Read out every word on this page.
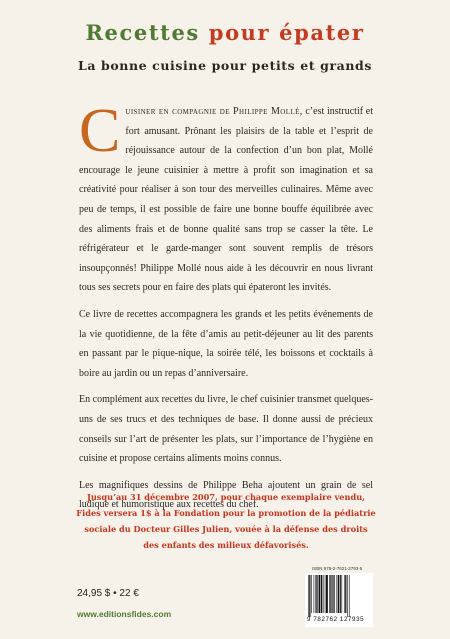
Recettes pour épater
La bonne cuisine pour petits et grands

Cuisiner en compagnie de Philippe Mollé, c’est instructif et fort amusant. Prônant les plaisirs de la table et l’esprit de réjouissance autour de la confection d’un bon plat, Mollé encourage le jeune cuisinier à mettre à profit son imagination et sa créativité pour réaliser à son tour des merveilles culinaires. Même avec peu de temps, il est possible de faire une bonne bouffe équilibrée avec des aliments frais et de bonne qualité sans trop se casser la tête. Le réfrigérateur et le garde-manger sont souvent remplis de trésors insoupçonnés! Philippe Mollé nous aide à les découvrir en nous livrant tous ses secrets pour en faire des plats qui épateront les invités.

Ce livre de recettes accompagnera les grands et les petits événements de la vie quotidienne, de la fête d’amis au petit-déjeuner au lit des parents en passant par le pique-nique, la soirée télé, les boissons et cocktails à boire au jardin ou un repas d’anniversaire.

En complément aux recettes du livre, le chef cuisinier transmet quelques-uns de ses trucs et des techniques de base. Il donne aussi de précieux conseils sur l’art de présenter les plats, sur l’importance de l’hygiène en cuisine et propose certains aliments moins connus.

Les magnifiques dessins de Philippe Beha ajoutent un grain de sel ludique et humoristique aux recettes du chef.

Jusqu’au 31 décembre 2007, pour chaque exemplaire vendu, Fides versera 1$ à la Fondation pour la promotion de la pédiatrie sociale du Docteur Gilles Julien, vouée à la défense des droits des enfants des milieux défavorisés.
24,95 $ • 22 €
www.editionsfides.com
ISBN 978-2-7621-2793-5
9 782762 127935
